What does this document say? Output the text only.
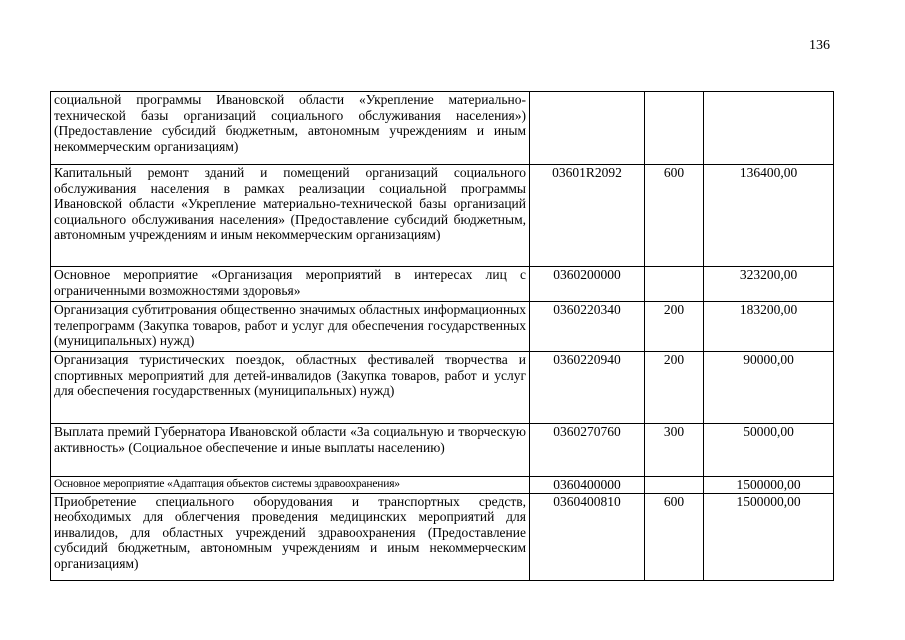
136
социальной программы Ивановской области «Укрепление материально-технической базы организаций социального обслуживания населения») (Предоставление субсидий бюджетным, автономным учреждениям и иным некоммерческим организациям)			
Капитальный ремонт зданий и помещений организаций социального обслуживания населения в рамках реализации социальной программы Ивановской области «Укрепление материально-технической базы организаций социального обслуживания населения» (Предоставление субсидий бюджетным, автономным учреждениям и иным некоммерческим организациям)	03601R2092	600	136400,00
Основное мероприятие «Организация мероприятий в интересах лиц с ограниченными возможностями здоровья»	0360200000		323200,00
Организация субтитрования общественно значимых областных информационных телепрограмм (Закупка товаров, работ и услуг для обеспечения государственных (муниципальных) нужд)	0360220340	200	183200,00
Организация туристических поездок, областных фестивалей творчества и спортивных мероприятий для детей-инвалидов (Закупка товаров, работ и услуг для обеспечения государственных (муниципальных) нужд)	0360220940	200	90000,00
Выплата премий Губернатора Ивановской области «За социальную и творческую активность» (Социальное обеспечение и иные выплаты населению)	0360270760	300	50000,00
Основное мероприятие «Адаптация объектов системы здравоохранения»	0360400000		1500000,00
Приобретение специального оборудования и транспортных средств, необходимых для облегчения проведения медицинских мероприятий для инвалидов, для областных учреждений здравоохранения (Предоставление субсидий бюджетным, автономным учреждениям и иным некоммерческим организациям)	0360400810	600	1500000,00
